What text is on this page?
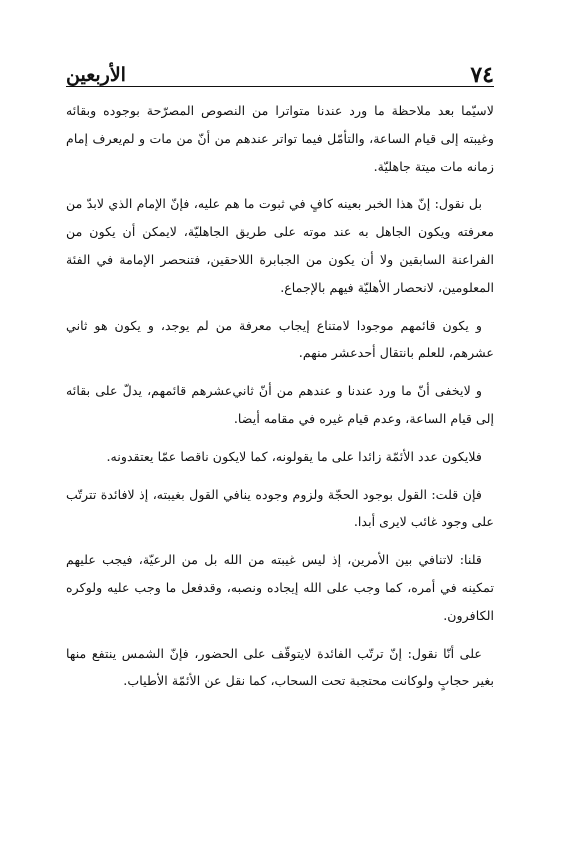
٧٤
الأربعين

لاسيّما بعد ملاحظة ما ورد عندنا متواترا من النصوص المصرّحة بوجوده وبقائه وغيبته إلى قيام الساعة، والتأمّل فيما تواتر عندهم من أنّ من مات و لم‌يعرف إمام زمانه مات ميتة جاهليّة.

بل نقول: إنّ هذا الخبر بعينه كافٍ في ثبوت ما هم عليه، فإنّ الإمام الذي لابدّ من معرفته ويكون الجاهل به عند موته على طريق الجاهليّة، لايمكن أن يكون من الفراعنة السابقين ولا أن يكون من الجبابرة اللاحقين، فتنحصر الإمامة في الفئة المعلومين، لانحصار الأهليّة فيهم بالإجماع.

و يكون قائمهم موجودا لامتناع إيجاب معرفة من لم يوجد، و يكون هو ثاني عشرهم، للعلم بانتقال أحدعشر منهم.

و لايخفى أنّ ما ورد عندنا و عندهم من أنّ ثاني‌عشرهم قائمهم، يدلّ على بقائه إلى قيام الساعة، وعدم قيام غيره في مقامه أيضا.

فلايكون عدد الأئمّة زائدا على ما يقولونه، كما لايكون ناقصا عمّا يعتقدونه.

فإن قلت: القول بوجود الحجّة ولزوم وجوده ينافي القول بغيبته، إذ لافائدة تترتّب على وجود غائب لايرى أبدا.

قلنا: لاتنافي بين الأمرين، إذ ليس غيبته من الله بل من الرعيّة، فيجب عليهم تمكينه في أمره، كما وجب على الله إيجاده ونصبه، وقدفعل ما وجب عليه ولوكره الكافرون.

على أنّا نقول: إنّ ترتّب الفائدة لايتوقّف على الحضور، فإنّ الشمس ينتفع منها بغير حجابٍ ولوكانت محتجبة تحت السحاب، كما نقل عن الأئمّة الأطياب.
